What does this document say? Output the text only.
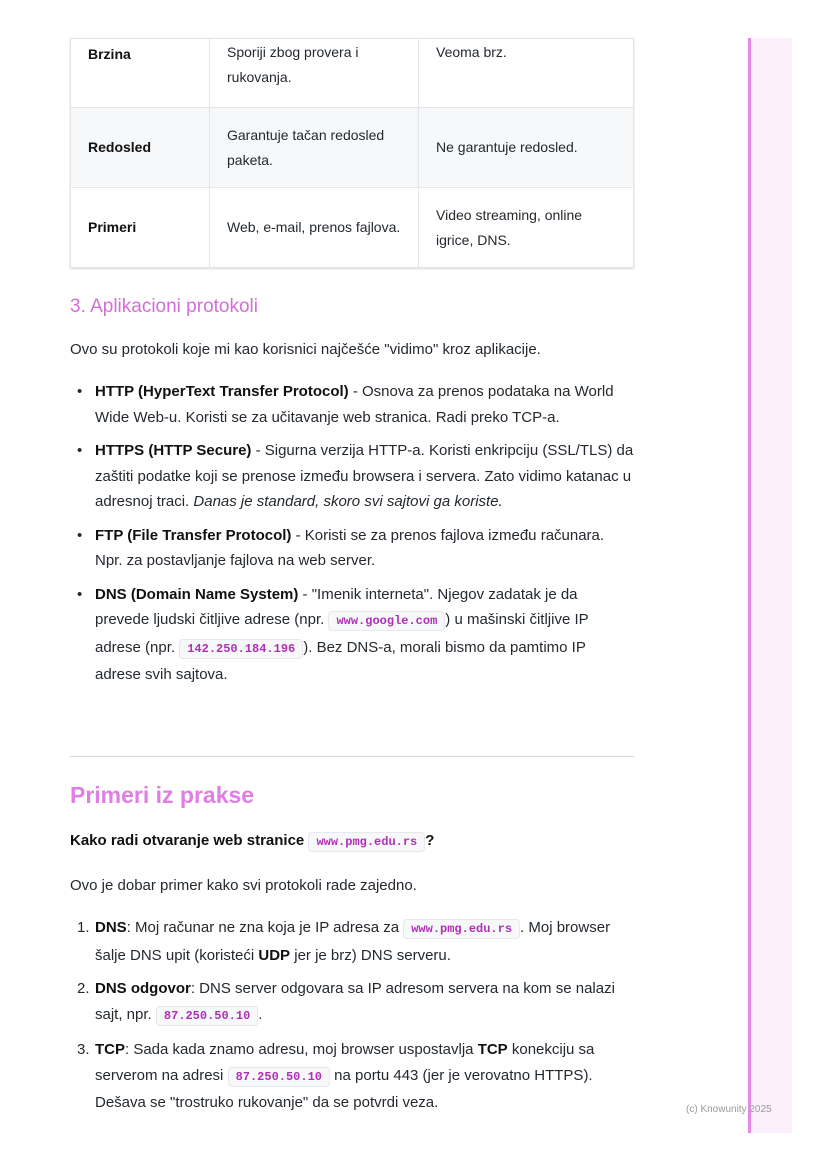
Brzina	Sporiji zbog provera i rukovanja.	Veoma brz.
Redosled	Garantuje tačan redosled paketa.	Ne garantuje redosled.
Primeri	Web, e-mail, prenos fajlova.	Video streaming, online igrice, DNS.
3. Aplikacioni protokoli

Ovo su protokoli koje mi kao korisnici najčešće "vidimo" kroz aplikacije.

• HTTP (HyperText Transfer Protocol) - Osnova za prenos podataka na World Wide Web-u. Koristi se za učitavanje web stranica. Radi preko TCP-a.
• HTTPS (HTTP Secure) - Sigurna verzija HTTP-a. Koristi enkripciju (SSL/TLS) da zaštiti podatke koji se prenose između browsera i servera. Zato vidimo katanac u adresnoj traci. Danas je standard, skoro svi sajtovi ga koriste.
• FTP (File Transfer Protocol) - Koristi se za prenos fajlova između računara. Npr. za postavljanje fajlova na web server.
• DNS (Domain Name System) - "Imenik interneta". Njegov zadatak je da prevede ljudski čitljive adrese (npr. www.google.com ) u mašinski čitljive IP adrese (npr. 142.250.184.196 ). Bez DNS-a, morali bismo da pamtimo IP adrese svih sajtova.
Primeri iz prakse

Kako radi otvaranje web stranice www.pmg.edu.rs ?

Ovo je dobar primer kako svi protokoli rade zajedno.

1. DNS: Moj računar ne zna koja je IP adresa za www.pmg.edu.rs . Moj browser šalje DNS upit (koristeći UDP jer je brz) DNS serveru.
2. DNS odgovor: DNS server odgovara sa IP adresom servera na kom se nalazi sajt, npr. 87.250.50.10 .
3. TCP: Sada kada znamo adresu, moj browser uspostavlja TCP konekciju sa serverom na adresi 87.250.50.10 na portu 443 (jer je verovatno HTTPS). Dešava se "trostruko rukovanje" da se potvrdi veza.	(c) Knowunity 2025
